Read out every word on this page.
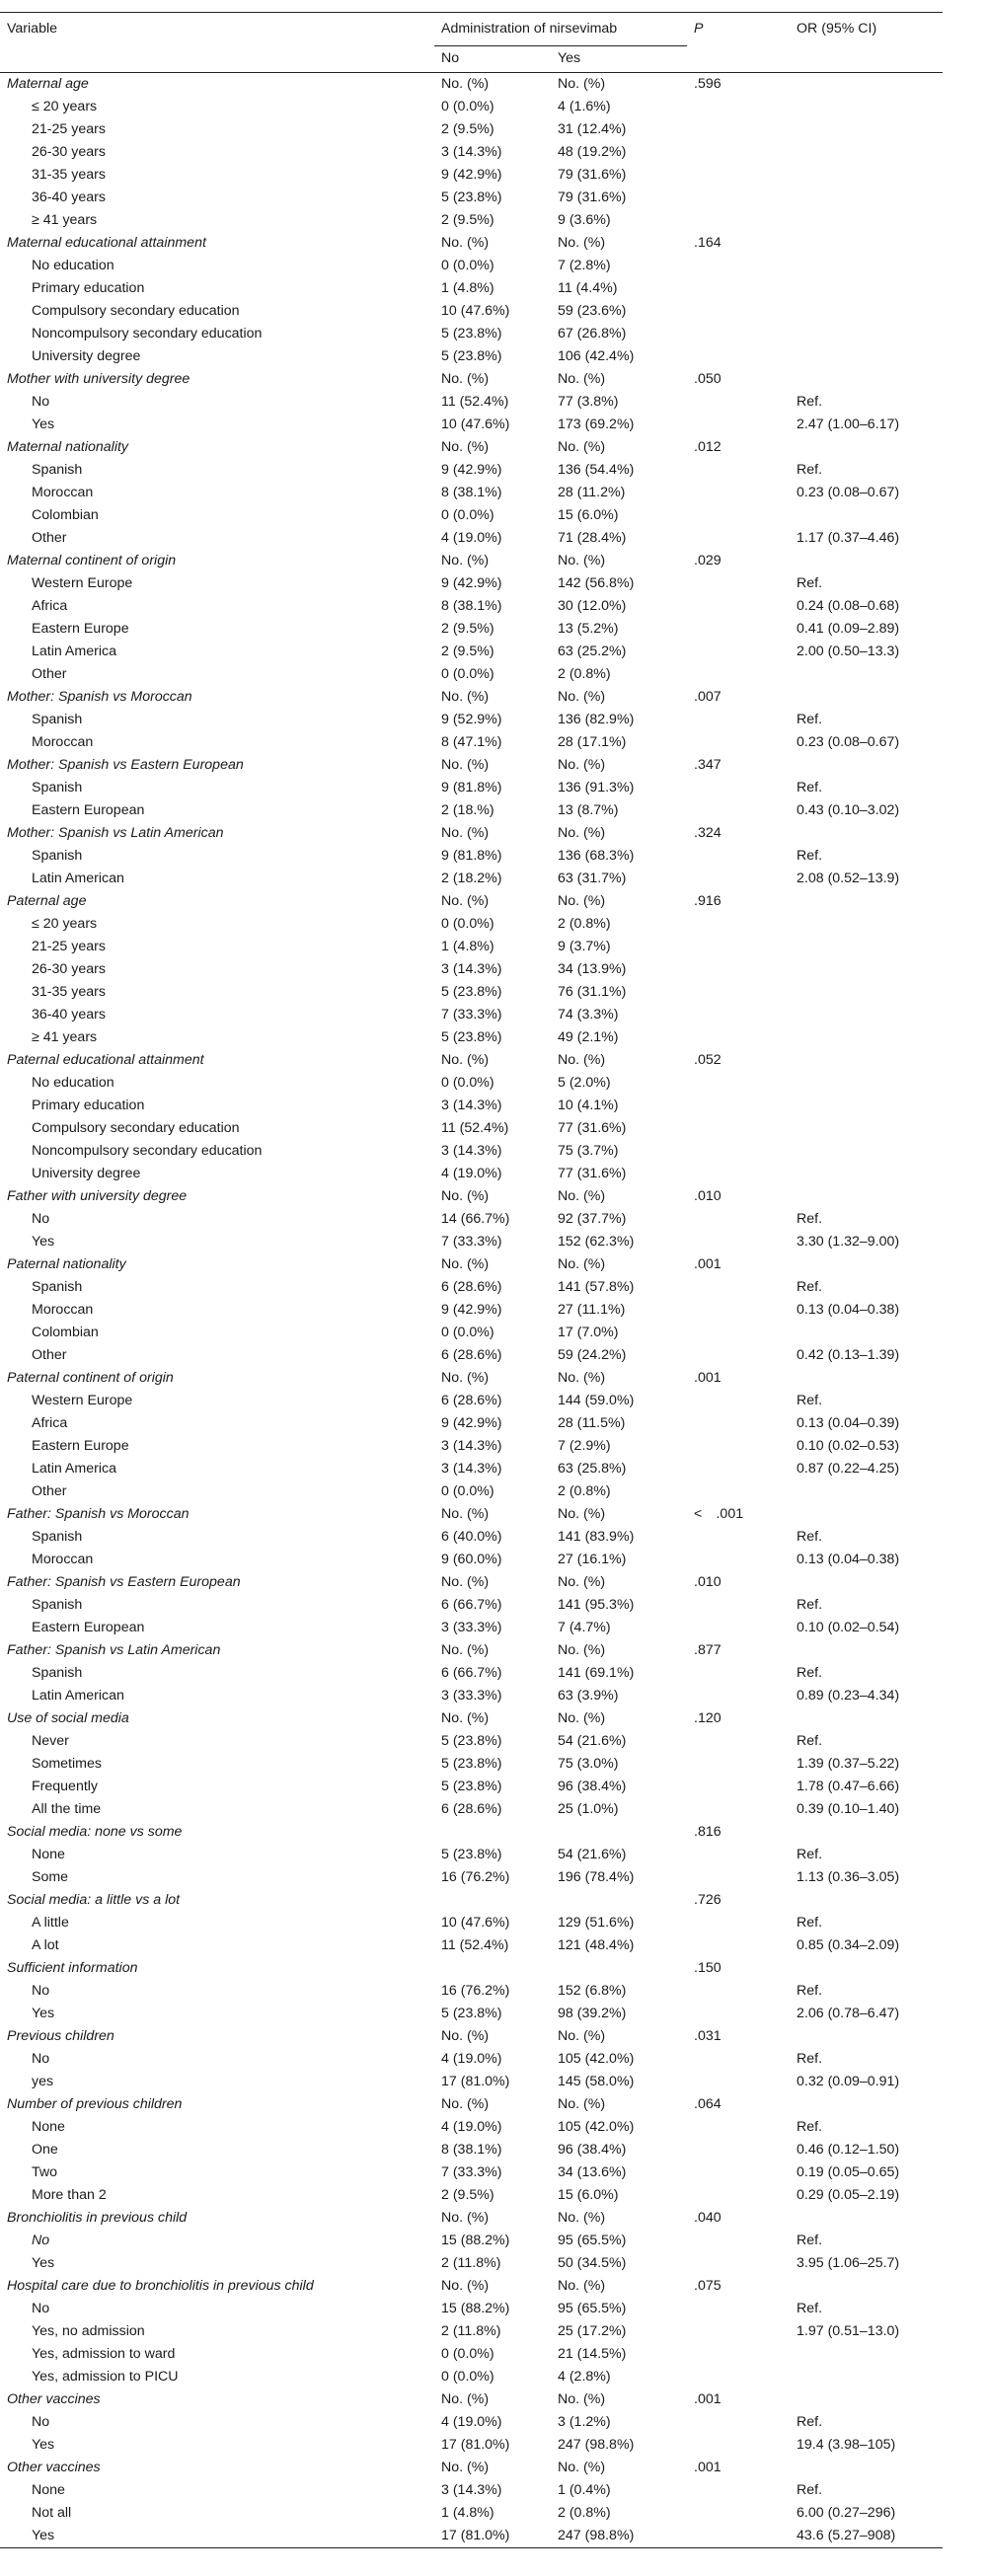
Variable	Administration of nirsevimab		P	OR (95% CI)
	No	Yes		
Maternal age	No. (%)	No. (%)	.596	
≤ 20 years	0 (0.0%)	4 (1.6%)		
21-25 years	2 (9.5%)	31 (12.4%)		
26-30 years	3 (14.3%)	48 (19.2%)		
31-35 years	9 (42.9%)	79 (31.6%)		
36-40 years	5 (23.8%)	79 (31.6%)		
≥ 41 years	2 (9.5%)	9 (3.6%)		
Maternal educational attainment	No. (%)	No. (%)	.164	
No education	0 (0.0%)	7 (2.8%)		
Primary education	1 (4.8%)	11 (4.4%)		
Compulsory secondary education	10 (47.6%)	59 (23.6%)		
Noncompulsory secondary education	5 (23.8%)	67 (26.8%)		
University degree	5 (23.8%)	106 (42.4%)		
Mother with university degree	No. (%)	No. (%)	.050	
No	11 (52.4%)	77 (3.8%)		Ref.
Yes	10 (47.6%)	173 (69.2%)		2.47 (1.00–6.17)
Maternal nationality	No. (%)	No. (%)	.012	
Spanish	9 (42.9%)	136 (54.4%)		Ref.
Moroccan	8 (38.1%)	28 (11.2%)		0.23 (0.08–0.67)
Colombian	0 (0.0%)	15 (6.0%)		
Other	4 (19.0%)	71 (28.4%)		1.17 (0.37–4.46)
Maternal continent of origin	No. (%)	No. (%)	.029	
Western Europe	9 (42.9%)	142 (56.8%)		Ref.
Africa	8 (38.1%)	30 (12.0%)		0.24 (0.08–0.68)
Eastern Europe	2 (9.5%)	13 (5.2%)		0.41 (0.09–2.89)
Latin America	2 (9.5%)	63 (25.2%)		2.00 (0.50–13.3)
Other	0 (0.0%)	2 (0.8%)		
Mother: Spanish vs Moroccan	No. (%)	No. (%)	.007	
Spanish	9 (52.9%)	136 (82.9%)		Ref.
Moroccan	8 (47.1%)	28 (17.1%)		0.23 (0.08–0.67)
Mother: Spanish vs Eastern European	No. (%)	No. (%)	.347	
Spanish	9 (81.8%)	136 (91.3%)		Ref.
Eastern European	2 (18.%)	13 (8.7%)		0.43 (0.10–3.02)
Mother: Spanish vs Latin American	No. (%)	No. (%)	.324	
Spanish	9 (81.8%)	136 (68.3%)		Ref.
Latin American	2 (18.2%)	63 (31.7%)		2.08 (0.52–13.9)
Paternal age	No. (%)	No. (%)	.916	
≤ 20 years	0 (0.0%)	2 (0.8%)		
21-25 years	1 (4.8%)	9 (3.7%)		
26-30 years	3 (14.3%)	34 (13.9%)		
31-35 years	5 (23.8%)	76 (31.1%)		
36-40 years	7 (33.3%)	74 (3.3%)		
≥ 41 years	5 (23.8%)	49 (2.1%)		
Paternal educational attainment	No. (%)	No. (%)	.052	
No education	0 (0.0%)	5 (2.0%)		
Primary education	3 (14.3%)	10 (4.1%)		
Compulsory secondary education	11 (52.4%)	77 (31.6%)		
Noncompulsory secondary education	3 (14.3%)	75 (3.7%)		
University degree	4 (19.0%)	77 (31.6%)		
Father with university degree	No. (%)	No. (%)	.010	
No	14 (66.7%)	92 (37.7%)		Ref.
Yes	7 (33.3%)	152 (62.3%)		3.30 (1.32–9.00)
Paternal nationality	No. (%)	No. (%)	.001	
Spanish	6 (28.6%)	141 (57.8%)		Ref.
Moroccan	9 (42.9%)	27 (11.1%)		0.13 (0.04–0.38)
Colombian	0 (0.0%)	17 (7.0%)		
Other	6 (28.6%)	59 (24.2%)		0.42 (0.13–1.39)
Paternal continent of origin	No. (%)	No. (%)	.001	
Western Europe	6 (28.6%)	144 (59.0%)		Ref.
Africa	9 (42.9%)	28 (11.5%)		0.13 (0.04–0.39)
Eastern Europe	3 (14.3%)	7 (2.9%)		0.10 (0.02–0.53)
Latin America	3 (14.3%)	63 (25.8%)		0.87 (0.22–4.25)
Other	0 (0.0%)	2 (0.8%)		
Father: Spanish vs Moroccan	No. (%)	No. (%)	< .001	
Spanish	6 (40.0%)	141 (83.9%)		Ref.
Moroccan	9 (60.0%)	27 (16.1%)		0.13 (0.04–0.38)
Father: Spanish vs Eastern European	No. (%)	No. (%)	.010	
Spanish	6 (66.7%)	141 (95.3%)		Ref.
Eastern European	3 (33.3%)	7 (4.7%)		0.10 (0.02–0.54)
Father: Spanish vs Latin American	No. (%)	No. (%)	.877	
Spanish	6 (66.7%)	141 (69.1%)		Ref.
Latin American	3 (33.3%)	63 (3.9%)		0.89 (0.23–4.34)
Use of social media	No. (%)	No. (%)	.120	
Never	5 (23.8%)	54 (21.6%)		Ref.
Sometimes	5 (23.8%)	75 (3.0%)		1.39 (0.37–5.22)
Frequently	5 (23.8%)	96 (38.4%)		1.78 (0.47–6.66)
All the time	6 (28.6%)	25 (1.0%)		0.39 (0.10–1.40)
Social media: none vs some			.816	
None	5 (23.8%)	54 (21.6%)		Ref.
Some	16 (76.2%)	196 (78.4%)		1.13 (0.36–3.05)
Social media: a little vs a lot			.726	
A little	10 (47.6%)	129 (51.6%)		Ref.
A lot	11 (52.4%)	121 (48.4%)		0.85 (0.34–2.09)
Sufficient information			.150	
No	16 (76.2%)	152 (6.8%)		Ref.
Yes	5 (23.8%)	98 (39.2%)		2.06 (0.78–6.47)
Previous children	No. (%)	No. (%)	.031	
No	4 (19.0%)	105 (42.0%)		Ref.
yes	17 (81.0%)	145 (58.0%)		0.32 (0.09–0.91)
Number of previous children	No. (%)	No. (%)	.064	
None	4 (19.0%)	105 (42.0%)		Ref.
One	8 (38.1%)	96 (38.4%)		0.46 (0.12–1.50)
Two	7 (33.3%)	34 (13.6%)		0.19 (0.05–0.65)
More than 2	2 (9.5%)	15 (6.0%)		0.29 (0.05–2.19)
Bronchiolitis in previous child	No. (%)	No. (%)	.040	
No	15 (88.2%)	95 (65.5%)		Ref.
Yes	2 (11.8%)	50 (34.5%)		3.95 (1.06–25.7)
Hospital care due to bronchiolitis in previous child	No. (%)	No. (%)	.075	
No	15 (88.2%)	95 (65.5%)		Ref.
Yes, no admission	2 (11.8%)	25 (17.2%)		1.97 (0.51–13.0)
Yes, admission to ward	0 (0.0%)	21 (14.5%)		
Yes, admission to PICU	0 (0.0%)	4 (2.8%)		
Other vaccines	No. (%)	No. (%)	.001	
No	4 (19.0%)	3 (1.2%)		Ref.
Yes	17 (81.0%)	247 (98.8%)		19.4 (3.98–105)
Other vaccines	No. (%)	No. (%)	.001	
None	3 (14.3%)	1 (0.4%)		Ref.
Not all	1 (4.8%)	2 (0.8%)		6.00 (0.27–296)
Yes	17 (81.0%)	247 (98.8%)		43.6 (5.27–908)
